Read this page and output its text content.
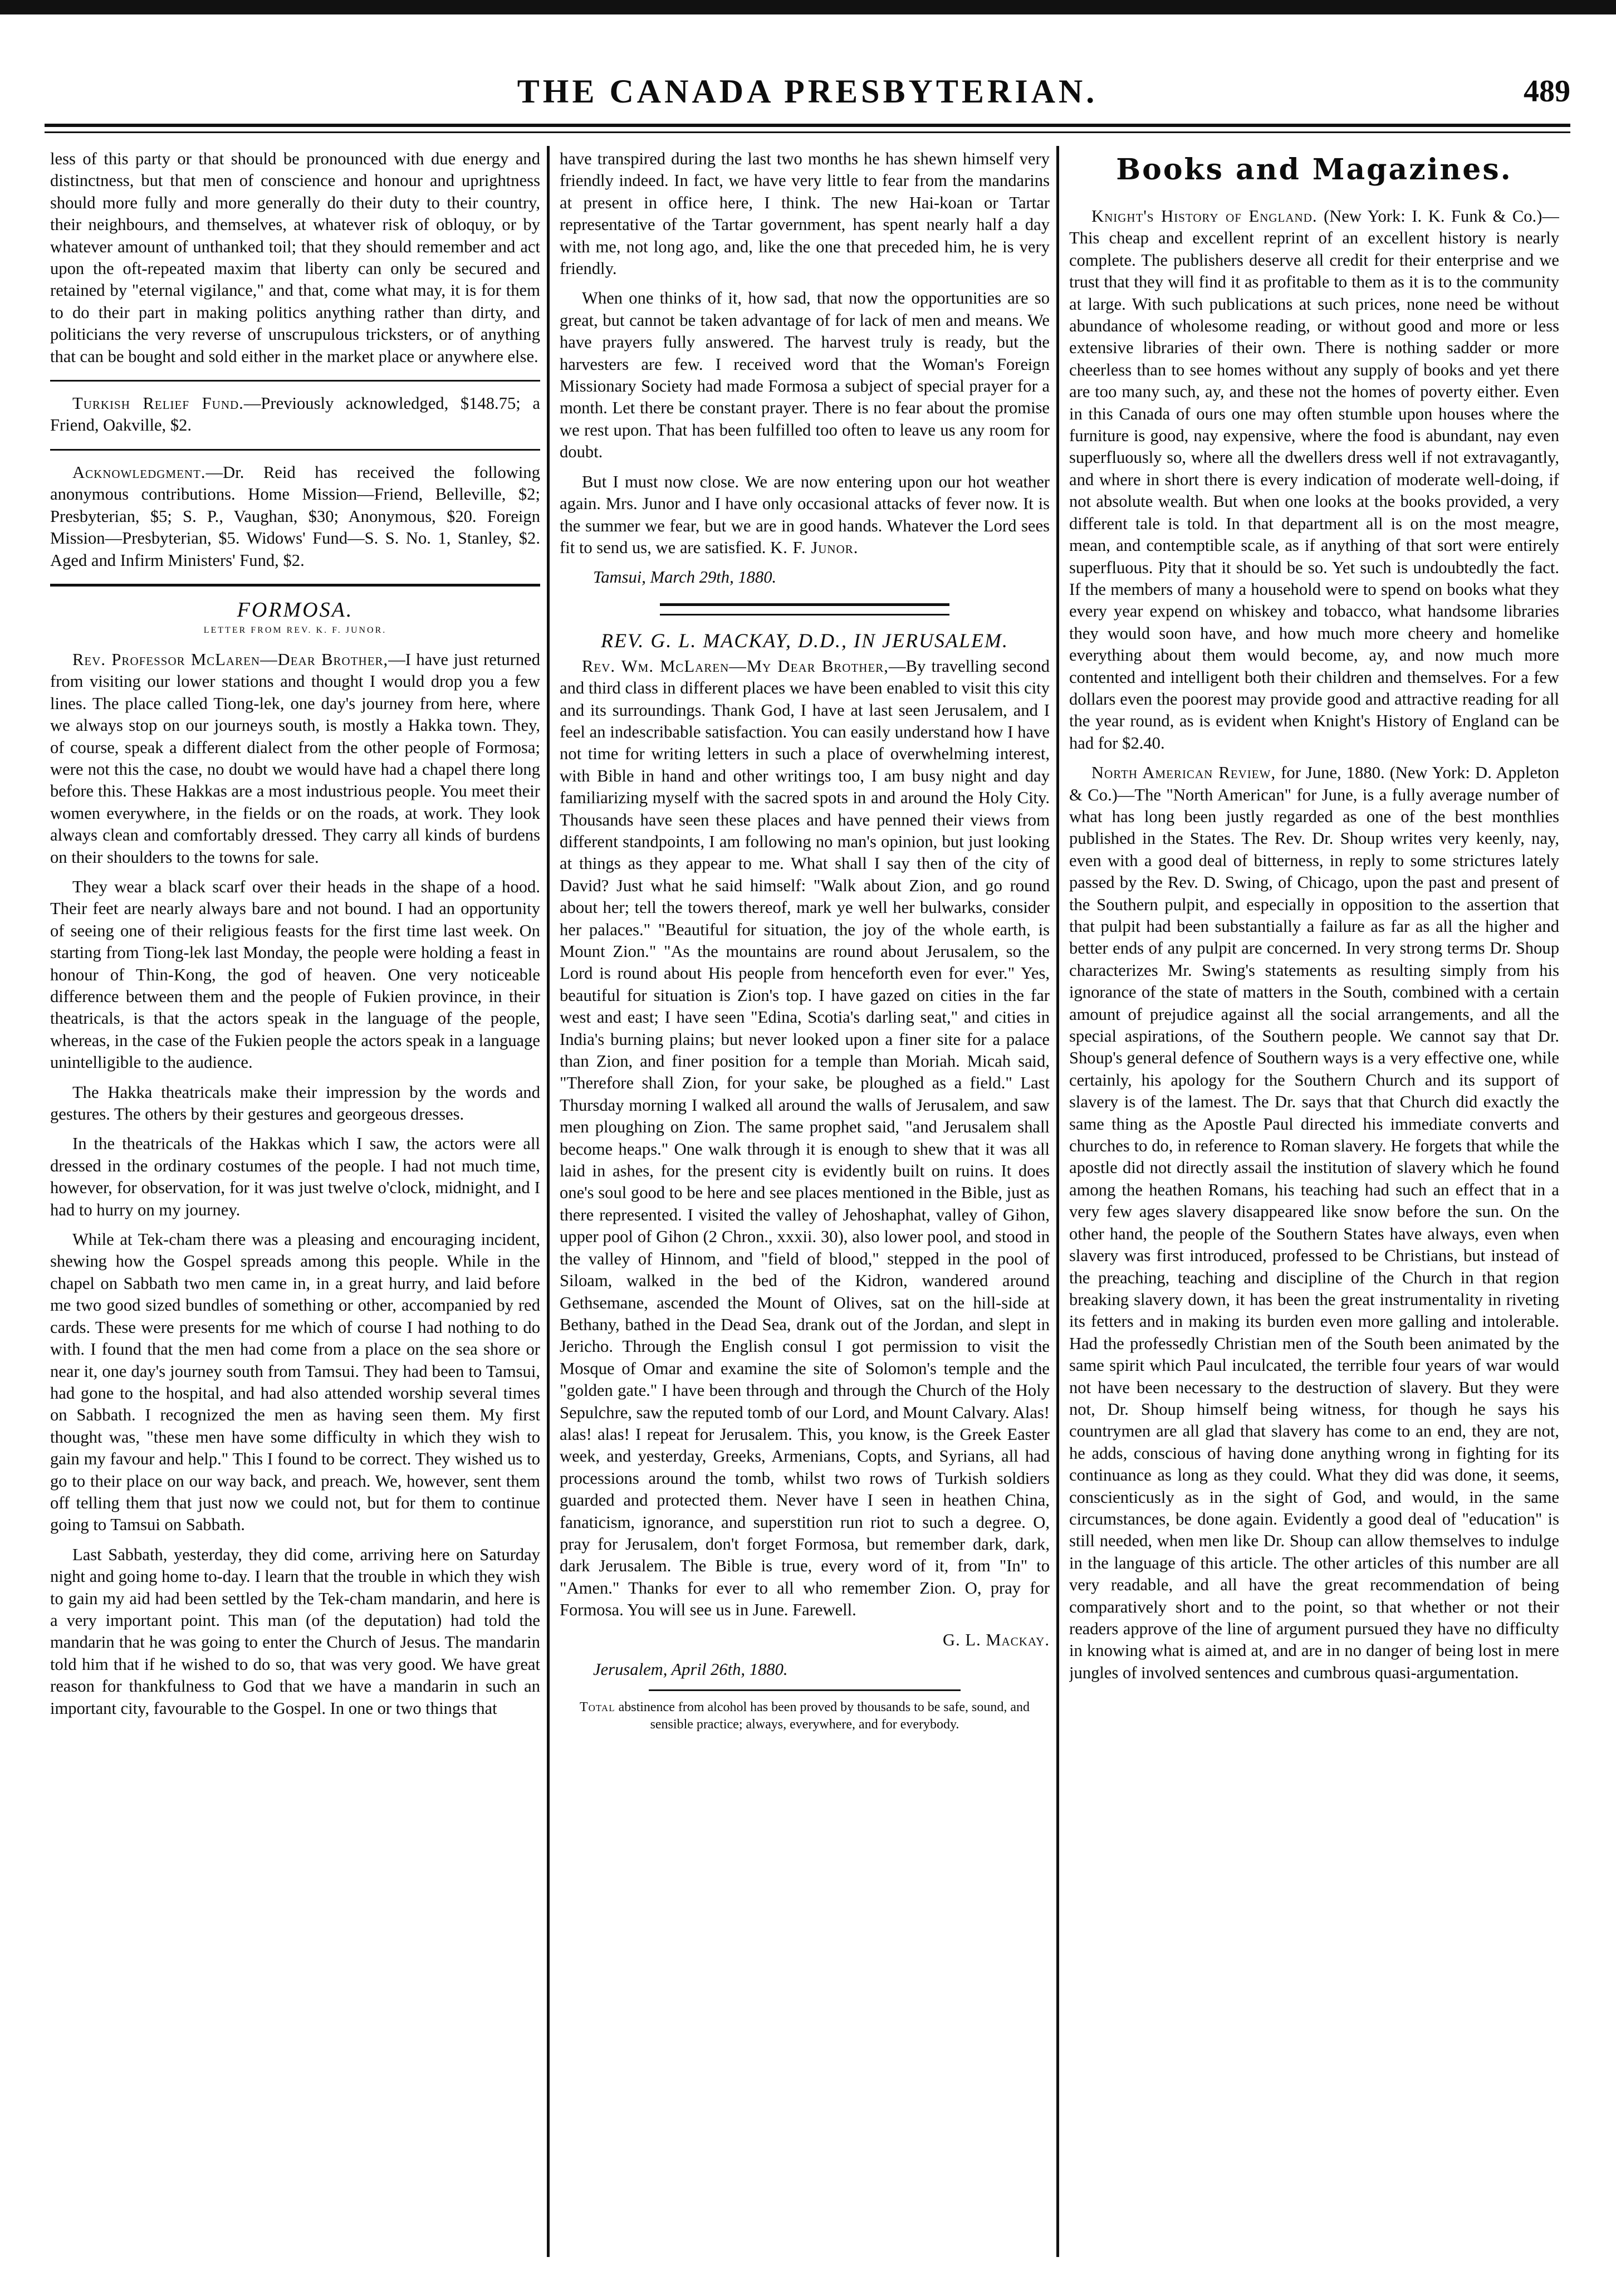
THE CANADA PRESBYTERIAN.	489

less of this party or that should be pronounced with due energy and distinctness, but that men of conscience and honour and uprightness should more fully and more generally do their duty to their country, their neighbours, and themselves, at whatever risk of obloquy, or by whatever amount of unthanked toil; that they should remember and act upon the oft-repeated maxim that liberty can only be secured and retained by "eternal vigilance," and that, come what may, it is for them to do their part in making politics anything rather than dirty, and politicians the very reverse of unscrupulous tricksters, or of anything that can be bought and sold either in the market place or anywhere else.

Turkish Relief Fund.—Previously acknowledged, $148.75; a Friend, Oakville, $2.

Acknowledgment.—Dr. Reid has received the following anonymous contributions. Home Mission—Friend, Belleville, $2; Presbyterian, $5; S. P., Vaughan, $30; Anonymous, $20. Foreign Mission—Presbyterian, $5. Widows' Fund—S. S. No. 1, Stanley, $2. Aged and Infirm Ministers' Fund, $2.

FORMOSA.
LETTER FROM REV. K. F. JUNOR.

Rev. Professor McLaren—Dear Brother,—I have just returned from visiting our lower stations and thought I would drop you a few lines. The place called Tiong-lek, one day's journey from here, where we always stop on our journeys south, is mostly a Hakka town. They, of course, speak a different dialect from the other people of Formosa; were not this the case, no doubt we would have had a chapel there long before this. These Hakkas are a most industrious people. You meet their women everywhere, in the fields or on the roads, at work. They look always clean and comfortably dressed. They carry all kinds of burdens on their shoulders to the towns for sale.

They wear a black scarf over their heads in the shape of a hood. Their feet are nearly always bare and not bound. I had an opportunity of seeing one of their religious feasts for the first time last week. On starting from Tiong-lek last Monday, the people were holding a feast in honour of Thin-Kong, the god of heaven. One very noticeable difference between them and the people of Fukien province, in their theatricals, is that the actors speak in the language of the people, whereas, in the case of the Fukien people the actors speak in a language unintelligible to the audience.

The Hakka theatricals make their impression by the words and gestures. The others by their gestures and georgeous dresses.

In the theatricals of the Hakkas which I saw, the actors were all dressed in the ordinary costumes of the people. I had not much time, however, for observation, for it was just twelve o'clock, midnight, and I had to hurry on my journey.

While at Tek-cham there was a pleasing and encouraging incident, shewing how the Gospel spreads among this people. While in the chapel on Sabbath two men came in, in a great hurry, and laid before me two good sized bundles of something or other, accompanied by red cards. These were presents for me which of course I had nothing to do with. I found that the men had come from a place on the sea shore or near it, one day's journey south from Tamsui. They had been to Tamsui, had gone to the hospital, and had also attended worship several times on Sabbath. I recognized the men as having seen them. My first thought was, "these men have some difficulty in which they wish to gain my favour and help." This I found to be correct. They wished us to go to their place on our way back, and preach. We, however, sent them off telling them that just now we could not, but for them to continue going to Tamsui on Sabbath.

Last Sabbath, yesterday, they did come, arriving here on Saturday night and going home to-day. I learn that the trouble in which they wish to gain my aid had been settled by the Tek-cham mandarin, and here is a very important point. This man (of the deputation) had told the mandarin that he was going to enter the Church of Jesus. The mandarin told him that if he wished to do so, that was very good. We have great reason for thankfulness to God that we have a mandarin in such an important city, favourable to the Gospel. In one or two things that

have transpired during the last two months he has shewn himself very friendly indeed. In fact, we have very little to fear from the mandarins at present in office here, I think. The new Hai-koan or Tartar representative of the Tartar government, has spent nearly half a day with me, not long ago, and, like the one that preceded him, he is very friendly.

When one thinks of it, how sad, that now the opportunities are so great, but cannot be taken advantage of for lack of men and means. We have prayers fully answered. The harvest truly is ready, but the harvesters are few. I received word that the Woman's Foreign Missionary Society had made Formosa a subject of special prayer for a month. Let there be constant prayer. There is no fear about the promise we rest upon. That has been fulfilled too often to leave us any room for doubt.

But I must now close. We are now entering upon our hot weather again. Mrs. Junor and I have only occasional attacks of fever now. It is the summer we fear, but we are in good hands. Whatever the Lord sees fit to send us, we are satisfied. K. F. Junor.

Tamsui, March 29th, 1880.

REV. G. L. MACKAY, D.D., IN JERUSALEM.

Rev. Wm. McLaren—My Dear Brother,—By travelling second and third class in different places we have been enabled to visit this city and its surroundings. Thank God, I have at last seen Jerusalem, and I feel an indescribable satisfaction. You can easily understand how I have not time for writing letters in such a place of overwhelming interest, with Bible in hand and other writings too, I am busy night and day familiarizing myself with the sacred spots in and around the Holy City. Thousands have seen these places and have penned their views from different standpoints, I am following no man's opinion, but just looking at things as they appear to me. What shall I say then of the city of David? Just what he said himself: "Walk about Zion, and go round about her; tell the towers thereof, mark ye well her bulwarks, consider her palaces." "Beautiful for situation, the joy of the whole earth, is Mount Zion." "As the mountains are round about Jerusalem, so the Lord is round about His people from henceforth even for ever." Yes, beautiful for situation is Zion's top. I have gazed on cities in the far west and east; I have seen "Edina, Scotia's darling seat," and cities in India's burning plains; but never looked upon a finer site for a palace than Zion, and finer position for a temple than Moriah. Micah said, "Therefore shall Zion, for your sake, be ploughed as a field." Last Thursday morning I walked all around the walls of Jerusalem, and saw men ploughing on Zion. The same prophet said, "and Jerusalem shall become heaps." One walk through it is enough to shew that it was all laid in ashes, for the present city is evidently built on ruins. It does one's soul good to be here and see places mentioned in the Bible, just as there represented. I visited the valley of Jehoshaphat, valley of Gihon, upper pool of Gihon (2 Chron., xxxii. 30), also lower pool, and stood in the valley of Hinnom, and "field of blood," stepped in the pool of Siloam, walked in the bed of the Kidron, wandered around Gethsemane, ascended the Mount of Olives, sat on the hill-side at Bethany, bathed in the Dead Sea, drank out of the Jordan, and slept in Jericho. Through the English consul I got permission to visit the Mosque of Omar and examine the site of Solomon's temple and the "golden gate." I have been through and through the Church of the Holy Sepulchre, saw the reputed tomb of our Lord, and Mount Calvary. Alas! alas! alas! I repeat for Jerusalem. This, you know, is the Greek Easter week, and yesterday, Greeks, Armenians, Copts, and Syrians, all had processions around the tomb, whilst two rows of Turkish soldiers guarded and protected them. Never have I seen in heathen China, fanaticism, ignorance, and superstition run riot to such a degree. O, pray for Jerusalem, don't forget Formosa, but remember dark, dark, dark Jerusalem. The Bible is true, every word of it, from "In" to "Amen." Thanks for ever to all who remember Zion. O, pray for Formosa. You will see us in June. Farewell.

G. L. Mackay.

Jerusalem, April 26th, 1880.

Total abstinence from alcohol has been proved by thousands to be safe, sound, and sensible practice; always, everywhere, and for everybody.

Books and Magazines.

Knight's History of England. (New York: I. K. Funk & Co.)—This cheap and excellent reprint of an excellent history is nearly complete. The publishers deserve all credit for their enterprise and we trust that they will find it as profitable to them as it is to the community at large. With such publications at such prices, none need be without abundance of wholesome reading, or without good and more or less extensive libraries of their own. There is nothing sadder or more cheerless than to see homes without any supply of books and yet there are too many such, ay, and these not the homes of poverty either. Even in this Canada of ours one may often stumble upon houses where the furniture is good, nay expensive, where the food is abundant, nay even superfluously so, where all the dwellers dress well if not extravagantly, and where in short there is every indication of moderate well-doing, if not absolute wealth. But when one looks at the books provided, a very different tale is told. In that department all is on the most meagre, mean, and contemptible scale, as if anything of that sort were entirely superfluous. Pity that it should be so. Yet such is undoubtedly the fact. If the members of many a household were to spend on books what they every year expend on whiskey and tobacco, what handsome libraries they would soon have, and how much more cheery and homelike everything about them would become, ay, and now much more contented and intelligent both their children and themselves. For a few dollars even the poorest may provide good and attractive reading for all the year round, as is evident when Knight's History of England can be had for $2.40.

North American Review, for June, 1880. (New York: D. Appleton & Co.)—The "North American" for June, is a fully average number of what has long been justly regarded as one of the best monthlies published in the States. The Rev. Dr. Shoup writes very keenly, nay, even with a good deal of bitterness, in reply to some strictures lately passed by the Rev. D. Swing, of Chicago, upon the past and present of the Southern pulpit, and especially in opposition to the assertion that that pulpit had been substantially a failure as far as all the higher and better ends of any pulpit are concerned. In very strong terms Dr. Shoup characterizes Mr. Swing's statements as resulting simply from his ignorance of the state of matters in the South, combined with a certain amount of prejudice against all the social arrangements, and all the special aspirations, of the Southern people. We cannot say that Dr. Shoup's general defence of Southern ways is a very effective one, while certainly, his apology for the Southern Church and its support of slavery is of the lamest. The Dr. says that that Church did exactly the same thing as the Apostle Paul directed his immediate converts and churches to do, in reference to Roman slavery. He forgets that while the apostle did not directly assail the institution of slavery which he found among the heathen Romans, his teaching had such an effect that in a very few ages slavery disappeared like snow before the sun. On the other hand, the people of the Southern States have always, even when slavery was first introduced, professed to be Christians, but instead of the preaching, teaching and discipline of the Church in that region breaking slavery down, it has been the great instrumentality in riveting its fetters and in making its burden even more galling and intolerable. Had the professedly Christian men of the South been animated by the same spirit which Paul inculcated, the terrible four years of war would not have been necessary to the destruction of slavery. But they were not, Dr. Shoup himself being witness, for though he says his countrymen are all glad that slavery has come to an end, they are not, he adds, conscious of having done anything wrong in fighting for its continuance as long as they could. What they did was done, it seems, conscienticusly as in the sight of God, and would, in the same circumstances, be done again. Evidently a good deal of "education" is still needed, when men like Dr. Shoup can allow themselves to indulge in the language of this article. The other articles of this number are all very readable, and all have the great recommendation of being comparatively short and to the point, so that whether or not their readers approve of the line of argument pursued they have no difficulty in knowing what is aimed at, and are in no danger of being lost in mere jungles of involved sentences and cumbrous quasi-argumentation.
